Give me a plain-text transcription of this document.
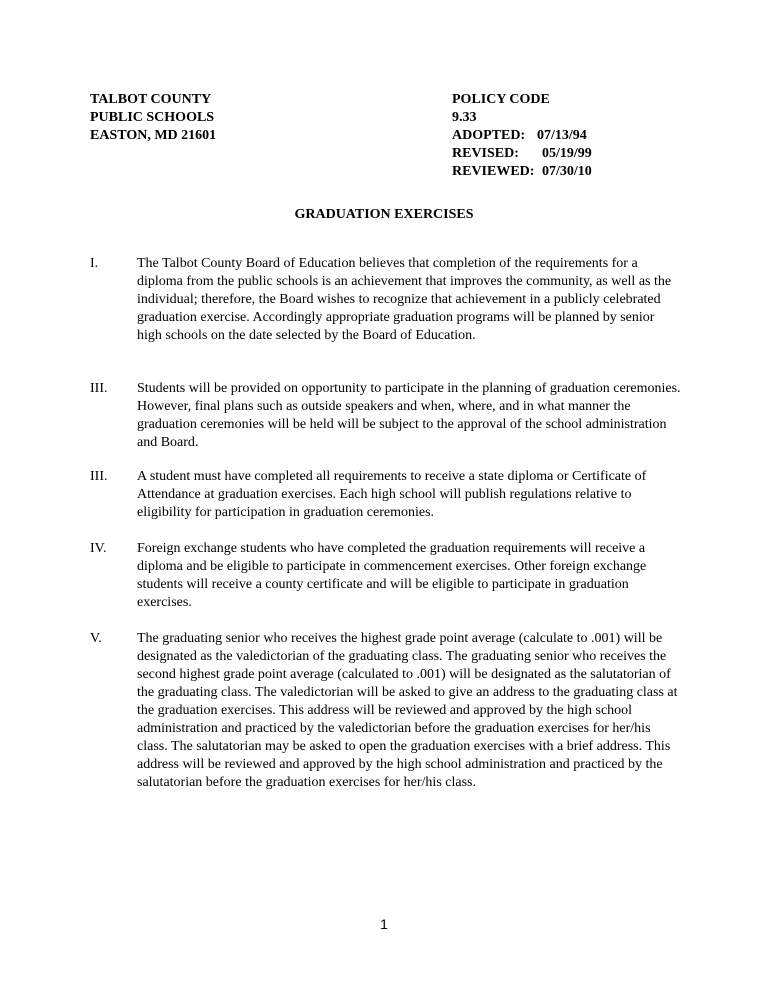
TALBOT COUNTY
PUBLIC SCHOOLS
EASTON, MD 21601
POLICY CODE
9.33
ADOPTED: 07/13/94
REVISED:	05/19/99
REVIEWED: 07/30/10
GRADUATION EXERCISES
I.	The Talbot County Board of Education believes that completion of the requirements for a diploma from the public schools is an achievement that improves the community, as well as the individual; therefore, the Board wishes to recognize that achievement in a publicly celebrated graduation exercise. Accordingly appropriate graduation programs will be planned by senior high schools on the date selected by the Board of Education.
III. Students will be provided on opportunity to participate in the planning of graduation ceremonies. However, final plans such as outside speakers and when, where, and in what manner the graduation ceremonies will be held will be subject to the approval of the school administration and Board.
III. A student must have completed all requirements to receive a state diploma or Certificate of Attendance at graduation exercises. Each high school will publish regulations relative to eligibility for participation in graduation ceremonies.
IV. Foreign exchange students who have completed the graduation requirements will receive a diploma and be eligible to participate in commencement exercises. Other foreign exchange students will receive a county certificate and will be eligible to participate in graduation exercises.
V.	The graduating senior who receives the highest grade point average (calculate to .001) will be designated as the valedictorian of the graduating class. The graduating senior who receives the second highest grade point average (calculated to .001) will be designated as the salutatorian of the graduating class. The valedictorian will be asked to give an address to the graduating class at the graduation exercises. This address will be reviewed and approved by the high school administration and practiced by the valedictorian before the graduation exercises for her/his class. The salutatorian may be asked to open the graduation exercises with a brief address. This address will be reviewed and approved by the high school administration and practiced by the salutatorian before the graduation exercises for her/his class.
1
